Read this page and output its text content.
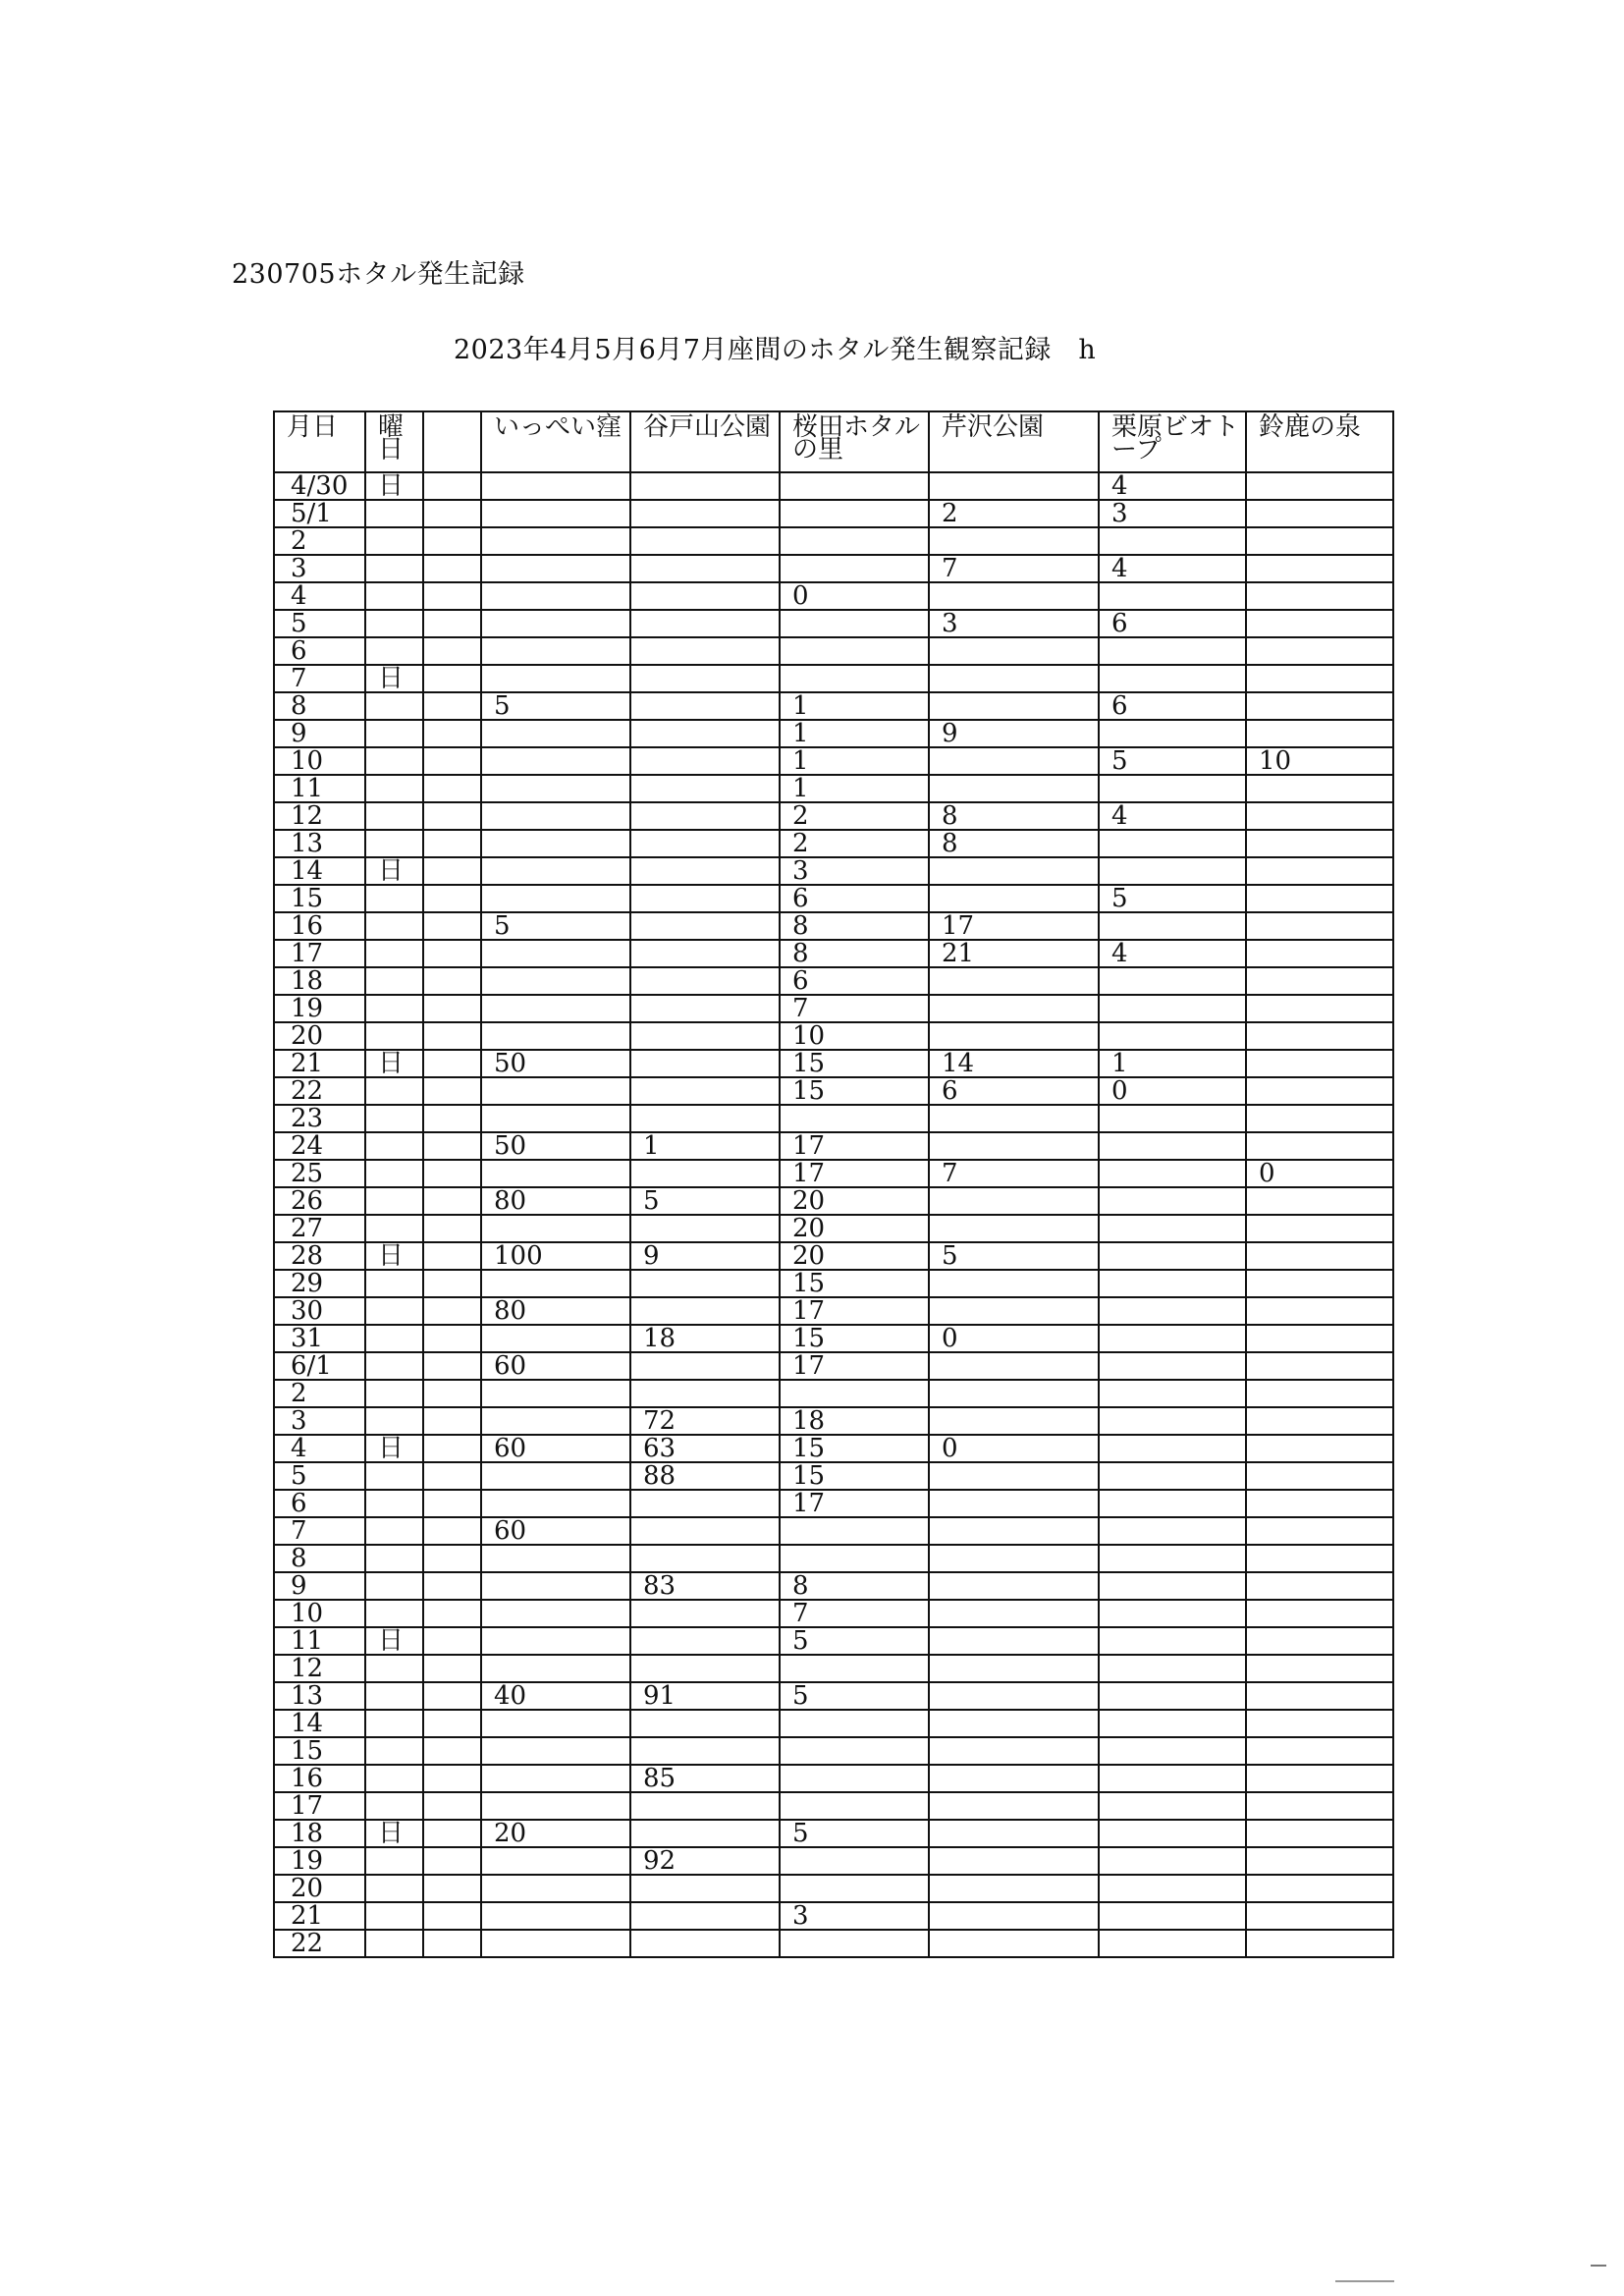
230705ホタル発生記録
2023年4月5月6月7月座間のホタル発生観察記録　h
月日	曜日		いっぺい窪	谷戸山公園	桜田ホタルの里	芹沢公園	栗原ビオトープ	鈴鹿の泉
4/30	日						4	
5/1						2	3	
2								
3						7	4	
4					0			
5						3	6	
6								
7	日							
8			5		1		6	
9					1	9		
10					1		5	10
11					1			
12					2	8	4	
13					2	8		
14	日				3			
15					6		5	
16			5		8	17		
17					8	21	4	
18					6			
19					7			
20					10			
21	日		50		15	14	1	
22					15	6	0	
23								
24			50	1	17			
25					17	7		0
26			80	5	20			
27					20			
28	日		100	9	20	5		
29					15			
30			80		17			
31				18	15	0		
6/1			60		17			
2								
3				72	18			
4	日		60	63	15	0		
5				88	15			
6					17			
7			60					
8								
9				83	8			
10					7			
11	日				5			
12								
13			40	91	5			
14								
15								
16				85				
17								
18	日		20		5			
19				92				
20								
21					3			
22								
